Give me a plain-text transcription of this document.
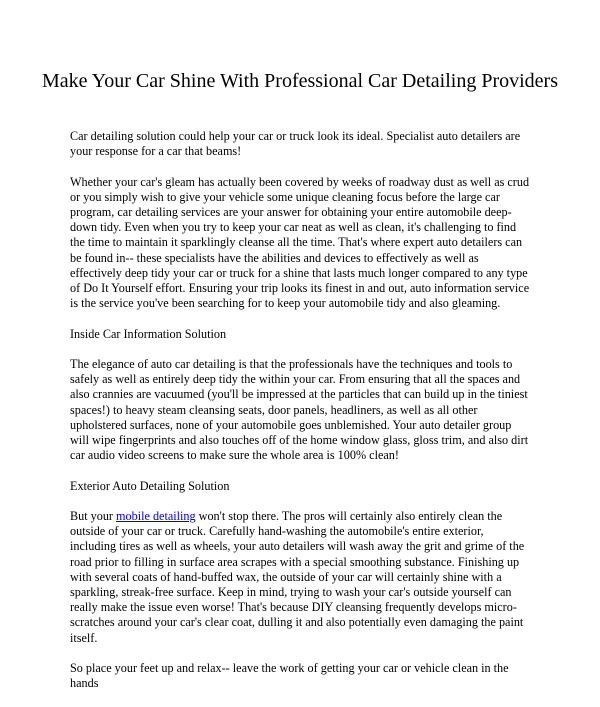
Make Your Car Shine With Professional Car Detailing Providers

Car detailing solution could help your car or truck look its ideal. Specialist auto detailers are your response for a car that beams!

Whether your car's gleam has actually been covered by weeks of roadway dust as well as crud or you simply wish to give your vehicle some unique cleaning focus before the large car program, car detailing services are your answer for obtaining your entire automobile deep-down tidy. Even when you try to keep your car neat as well as clean, it's challenging to find the time to maintain it sparklingly cleanse all the time. That's where expert auto detailers can be found in-- these specialists have the abilities and devices to effectively as well as effectively deep tidy your car or truck for a shine that lasts much longer compared to any type of Do It Yourself effort. Ensuring your trip looks its finest in and out, auto information service is the service you've been searching for to keep your automobile tidy and also gleaming.

Inside Car Information Solution

The elegance of auto car detailing is that the professionals have the techniques and tools to safely as well as entirely deep tidy the within your car. From ensuring that all the spaces and also crannies are vacuumed (you'll be impressed at the particles that can build up in the tiniest spaces!) to heavy steam cleansing seats, door panels, headliners, as well as all other upholstered surfaces, none of your automobile goes unblemished. Your auto detailer group will wipe fingerprints and also touches off of the home window glass, gloss trim, and also dirt car audio video screens to make sure the whole area is 100% clean!

Exterior Auto Detailing Solution

But your mobile detailing won't stop there. The pros will certainly also entirely clean the outside of your car or truck. Carefully hand-washing the automobile's entire exterior, including tires as well as wheels, your auto detailers will wash away the grit and grime of the road prior to filling in surface area scrapes with a special smoothing substance. Finishing up with several coats of hand-buffed wax, the outside of your car will certainly shine with a sparkling, streak-free surface. Keep in mind, trying to wash your car's outside yourself can really make the issue even worse! That's because DIY cleansing frequently develops micro-scratches around your car's clear coat, dulling it and also potentially even damaging the paint itself.

So place your feet up and relax-- leave the work of getting your car or vehicle clean in the hands
